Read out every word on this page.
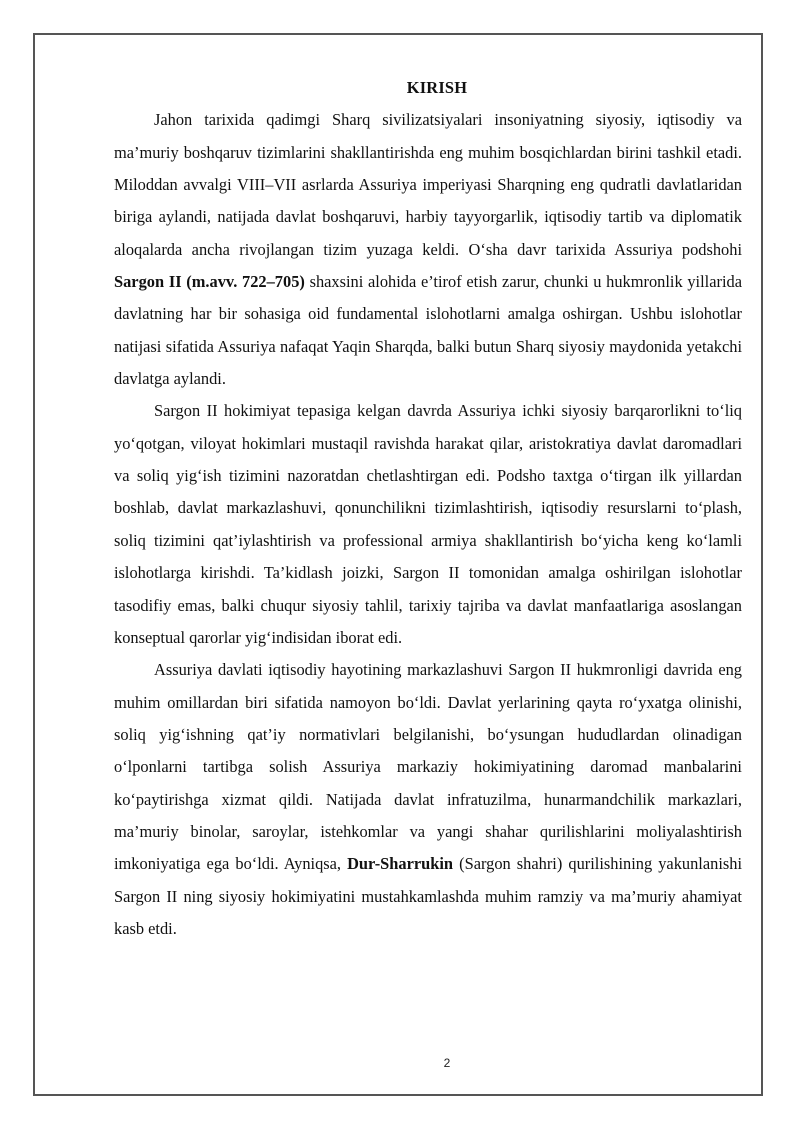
KIRISH

Jahon tarixida qadimgi Sharq sivilizatsiyalari insoniyatning siyosiy, iqtisodiy va ma’muriy boshqaruv tizimlarini shakllantirishda eng muhim bosqichlardan birini tashkil etadi. Miloddan avvalgi VIII–VII asrlarda Assuriya imperiyasi Sharqning eng qudratli davlatlaridan biriga aylandi, natijada davlat boshqaruvi, harbiy tayyorgarlik, iqtisodiy tartib va diplomatik aloqalarda ancha rivojlangan tizim yuzaga keldi. O‘sha davr tarixida Assuriya podshohi Sargon II (m.avv. 722–705) shaxsini alohida e’tirof etish zarur, chunki u hukmronlik yillarida davlatning har bir sohasiga oid fundamental islohotlarni amalga oshirgan. Ushbu islohotlar natijasi sifatida Assuriya nafaqat Yaqin Sharqda, balki butun Sharq siyosiy maydonida yetakchi davlatga aylandi.

Sargon II hokimiyat tepasiga kelgan davrda Assuriya ichki siyosiy barqarorlikni to‘liq yo‘qotgan, viloyat hokimlari mustaqil ravishda harakat qilar, aristokratiya davlat daromadlari va soliq yig‘ish tizimini nazoratdan chetlashtirgan edi. Podsho taxtga o‘tirgan ilk yillardan boshlab, davlat markazlashuvi, qonunchilikni tizimlashtirish, iqtisodiy resurslarni to‘plash, soliq tizimini qat’iylashtirish va professional armiya shakllantirish bo‘yicha keng ko‘lamli islohotlarga kirishdi. Ta’kidlash joizki, Sargon II tomonidan amalga oshirilgan islohotlar tasodifiy emas, balki chuqur siyosiy tahlil, tarixiy tajriba va davlat manfaatlariga asoslangan konseptual qarorlar yig‘indisidan iborat edi.

Assuriya davlati iqtisodiy hayotining markazlashuvi Sargon II hukmronligi davrida eng muhim omillardan biri sifatida namoyon bo‘ldi. Davlat yerlarining qayta ro‘yxatga olinishi, soliq yig‘ishning qat’iy normativlari belgilanishi, bo‘ysungan hududlardan olinadigan o‘lponlarni tartibga solish Assuriya markaziy hokimiyatining daromad manbalarini ko‘paytirishga xizmat qildi. Natijada davlat infratuzilma, hunarmandchilik markazlari, ma’muriy binolar, saroylar, istehkomlar va yangi shahar qurilishlarini moliyalashtirish imkoniyatiga ega bo‘ldi. Ayniqsa, Dur-Sharrukin (Sargon shahri) qurilishining yakunlanishi Sargon II ning siyosiy hokimiyatini mustahkamlashda muhim ramziy va ma’muriy ahamiyat kasb etdi.

2
